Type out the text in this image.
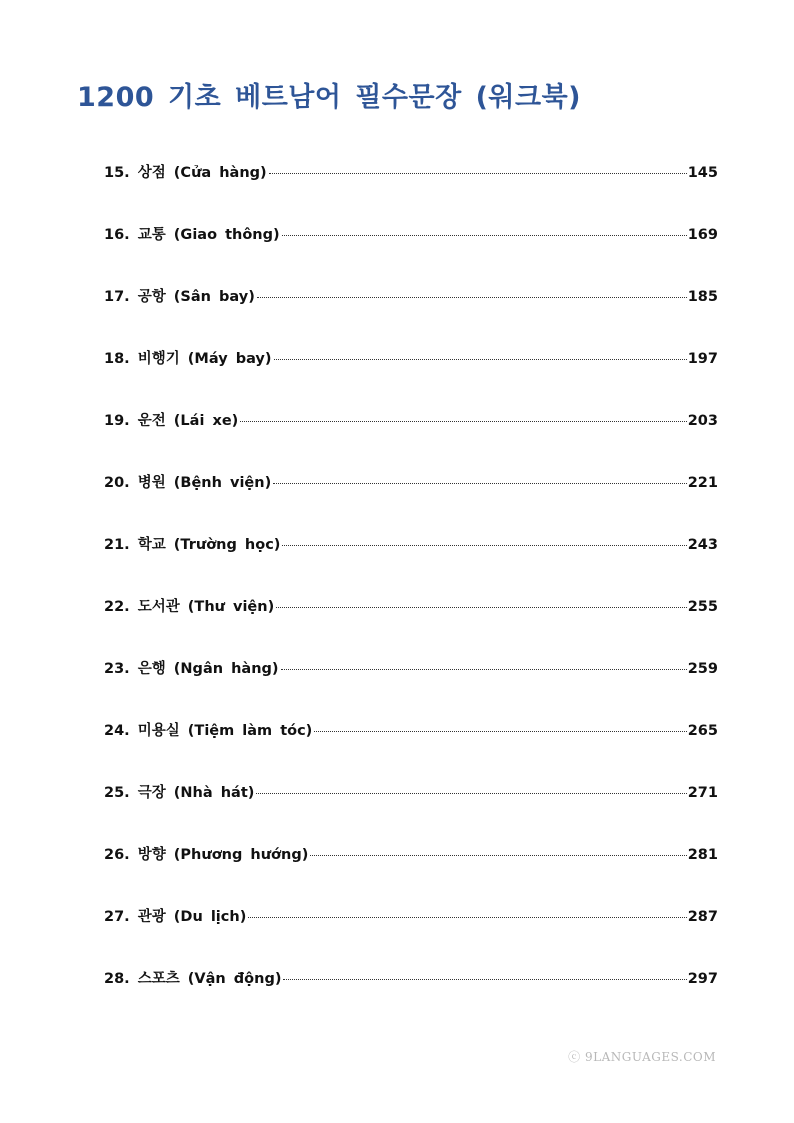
1200 기초 베트남어 필수문장 (워크북)
15. 상점 (Cửa hàng)	145
16. 교통 (Giao thông)	169
17. 공항 (Sân bay)	185
18. 비행기 (Máy bay)	197
19. 운전 (Lái xe)	203
20. 병원 (Bệnh viện)	221
21. 학교 (Trường học)	243
22. 도서관 (Thư viện)	255
23. 은행 (Ngân hàng)	259
24. 미용실 (Tiệm làm tóc)	265
25. 극장 (Nhà hát)	271
26. 방향 (Phương hướng)	281
27. 관광 (Du lịch)	287
28. 스포츠 (Vận động)	297
ⓒ 9LANGUAGES.COM
